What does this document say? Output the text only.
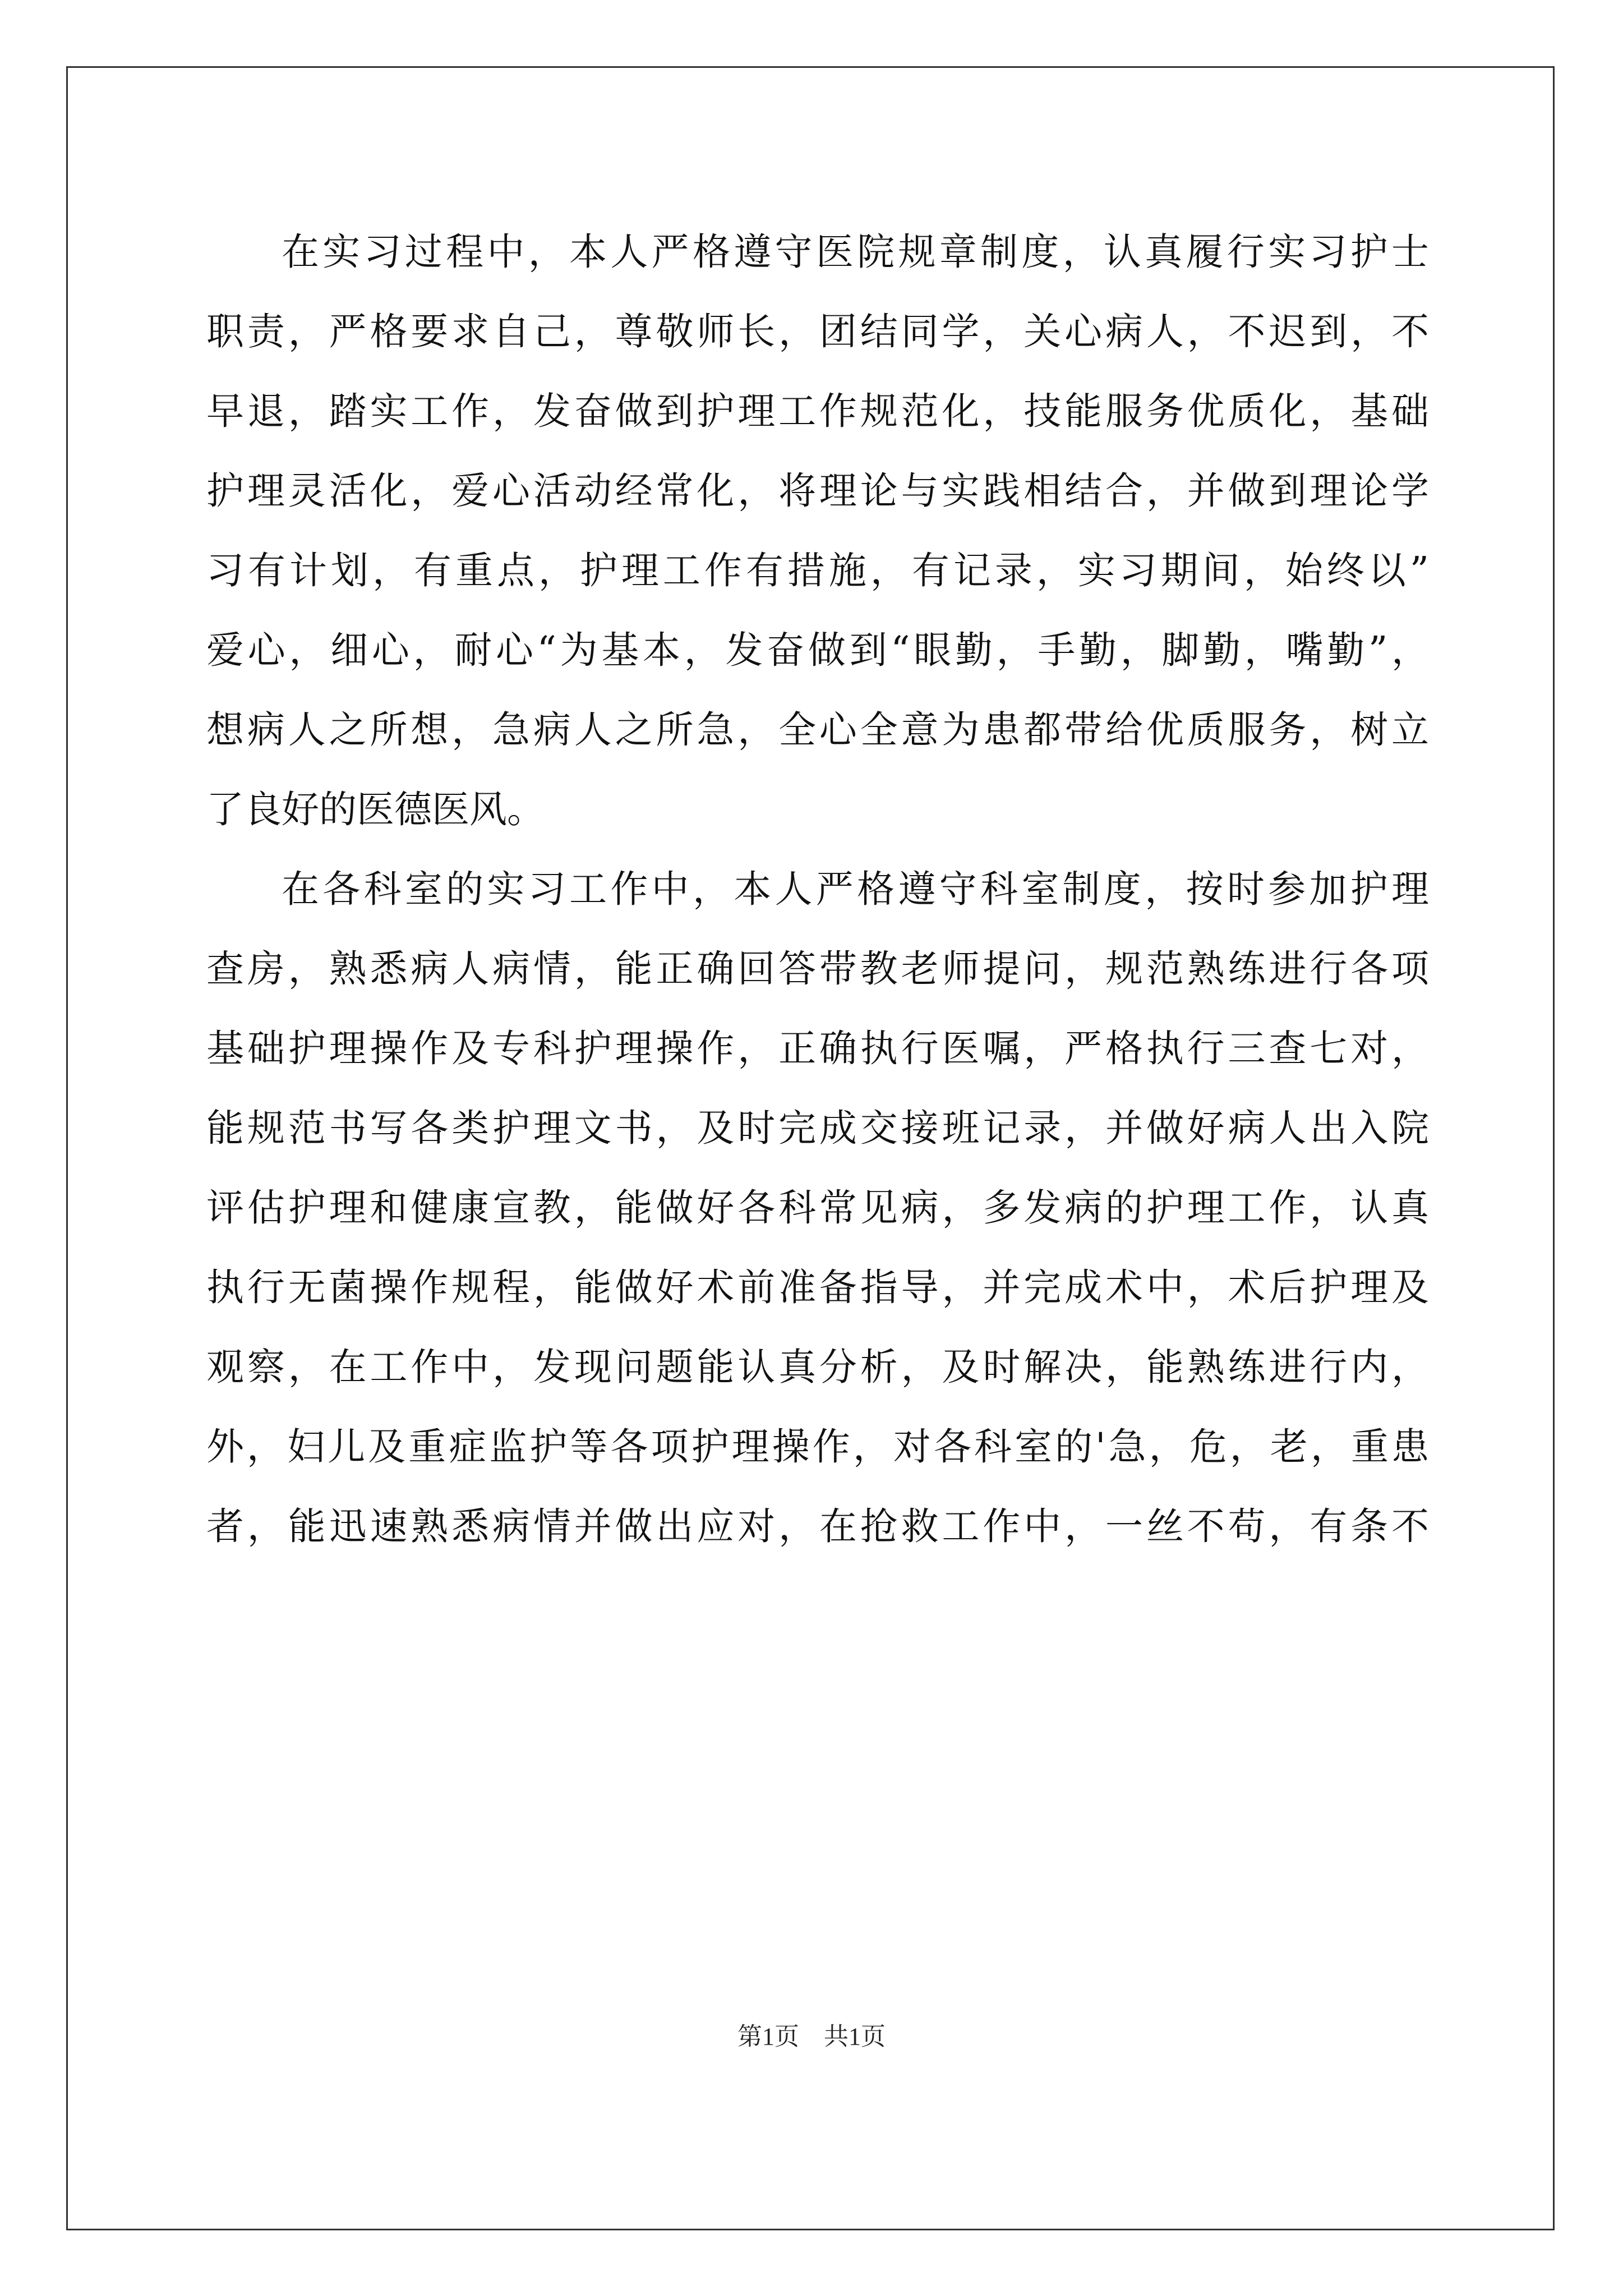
在实习过程中，本人严格遵守医院规章制度，认真履行实习护士
职责，严格要求自己，尊敬师长，团结同学，关心病人，不迟到，不
早退，踏实工作，发奋做到护理工作规范化，技能服务优质化，基础
护理灵活化，爱心活动经常化，将理论与实践相结合，并做到理论学
习有计划，有重点，护理工作有措施，有记录，实习期间，始终以”
爱心，细心，耐心“为基本，发奋做到“眼勤，手勤，脚勤，嘴勤”，
想病人之所想，急病人之所急，全心全意为患都带给优质服务，树立
了良好的医德医风。
在各科室的实习工作中，本人严格遵守科室制度，按时参加护理
查房，熟悉病人病情，能正确回答带教老师提问，规范熟练进行各项
基础护理操作及专科护理操作，正确执行医嘱，严格执行三查七对，
能规范书写各类护理文书，及时完成交接班记录，并做好病人出入院
评估护理和健康宣教，能做好各科常见病，多发病的护理工作，认真
执行无菌操作规程，能做好术前准备指导，并完成术中，术后护理及
观察，在工作中，发现问题能认真分析，及时解决，能熟练进行内，
外，妇儿及重症监护等各项护理操作，对各科室的'急，危，老，重患
者，能迅速熟悉病情并做出应对，在抢救工作中，一丝不苟，有条不
第1页 共1页
